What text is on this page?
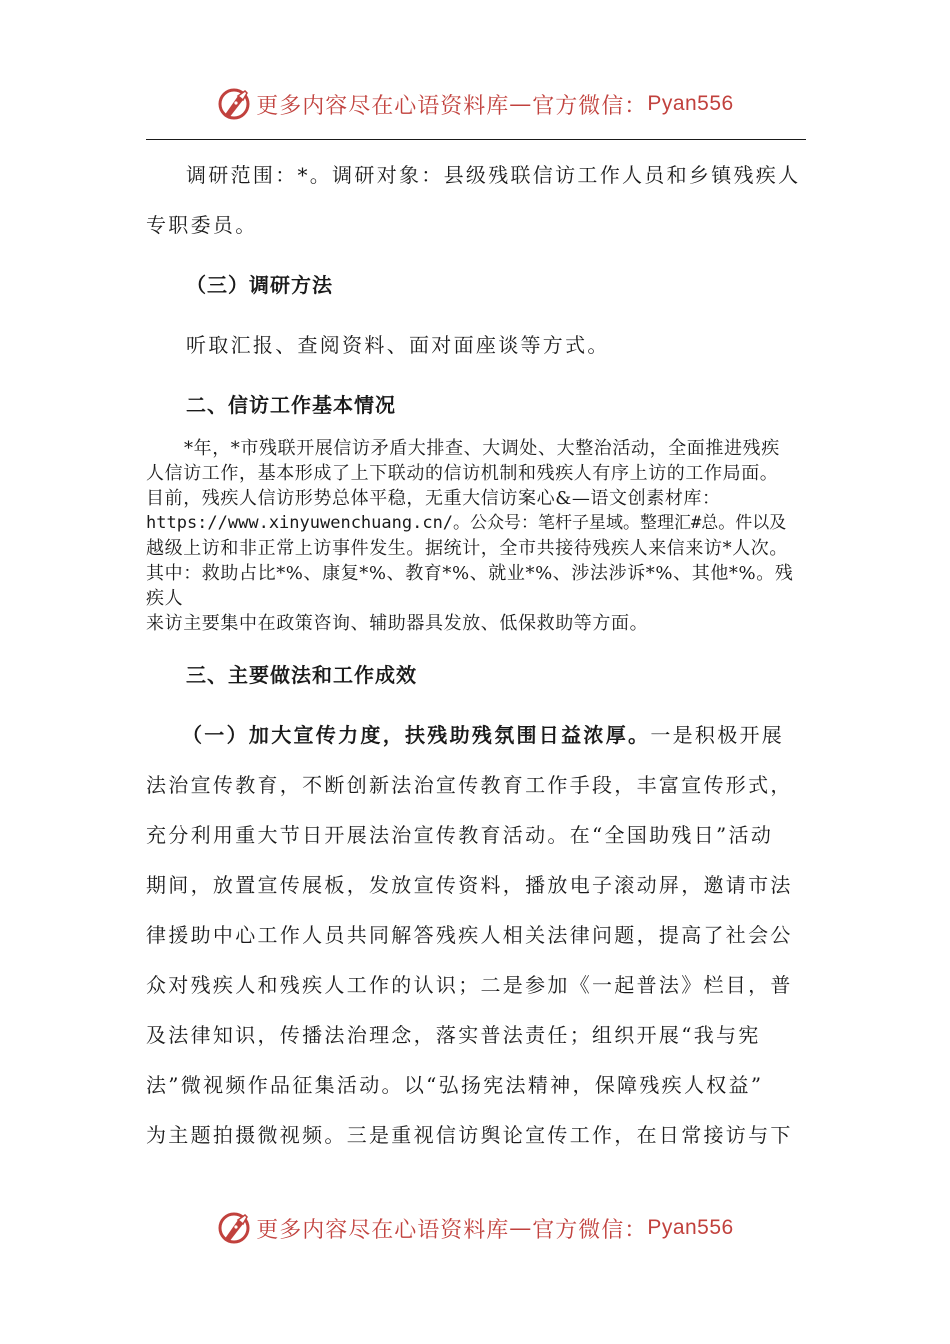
更多内容尽在心语资料库 — 官方微信： Pyan556

调研范围：*。调研对象：县级残联信访工作人员和乡镇残疾人

专职委员。

（三）调研方法

听取汇报、查阅资料、面对面座谈等方式。

二、信访工作基本情况

*年，*市残联开展信访矛盾大排查、大调处、大整治活动，全面推进残疾

人信访工作，基本形成了上下联动的信访机制和残疾人有序上访的工作局面。

目前，残疾人信访形势总体平稳，无重大信访案心&—语文创素材库：

https://www.xinyuwenchuang.cn/。公众号：笔杆子星域。整理汇#总。件以及

越级上访和非正常上访事件发生。据统计，全市共接待残疾人来信来访*人次。

其中：救助占比*%、康复*%、教育*%、就业*%、涉法涉诉*%、其他*%。残疾人

来访主要集中在政策咨询、辅助器具发放、低保救助等方面。

三、主要做法和工作成效

（一）加大宣传力度，扶残助残氛围日益浓厚。一是积极开展

法治宣传教育，不断创新法治宣传教育工作手段，丰富宣传形式，

充分利用重大节日开展法治宣传教育活动。在“全国助残日”活动

期间，放置宣传展板，发放宣传资料，播放电子滚动屏，邀请市法

律援助中心工作人员共同解答残疾人相关法律问题，提高了社会公

众对残疾人和残疾人工作的认识；二是参加《一起普法》栏目，普

及法律知识，传播法治理念，落实普法责任；组织开展“我与宪

法”微视频作品征集活动。以“弘扬宪法精神，保障残疾人权益”

为主题拍摄微视频。三是重视信访舆论宣传工作，在日常接访与下

更多内容尽在心语资料库 — 官方微信： Pyan556
